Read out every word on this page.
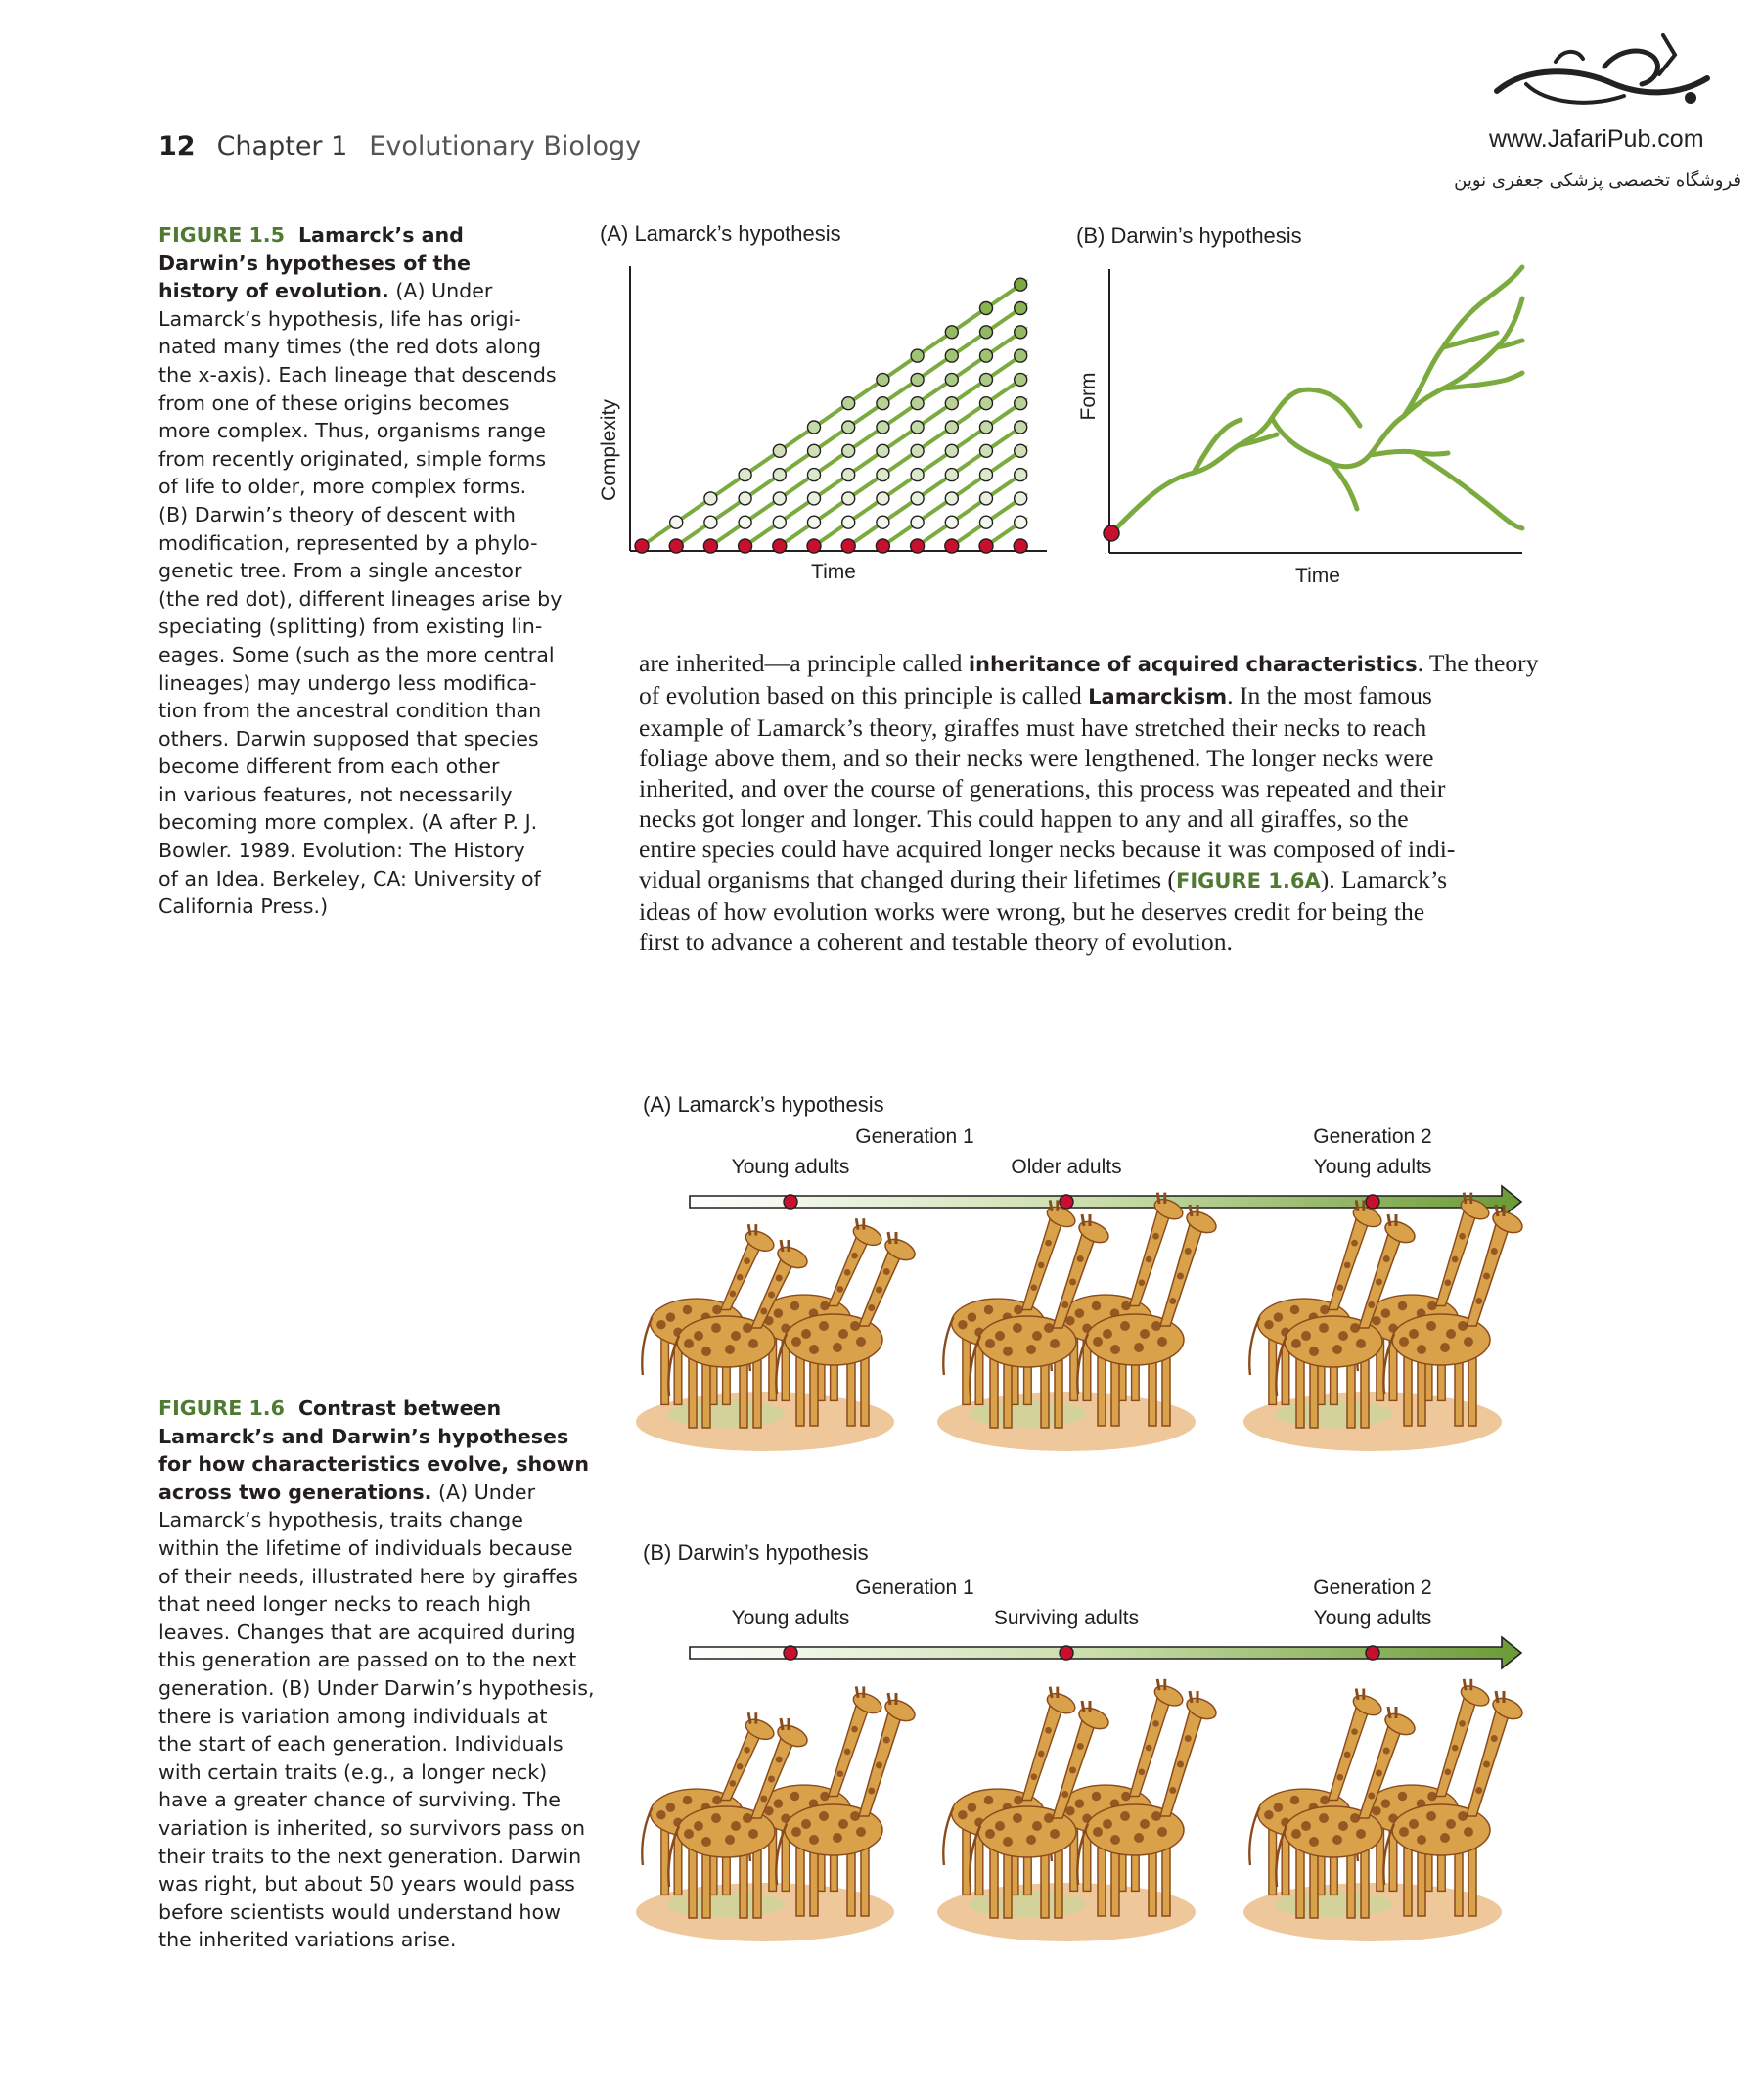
12 Chapter 1 Evolutionary Biology	www.JafariPub.com
فروشگاه تخصصی پزشکی جعفری نوین
FIGURE 1.5 Lamarck’s and
Darwin’s hypotheses of the
history of evolution. (A) Under
Lamarck’s hypothesis, life has origi-
nated many times (the red dots along
the x-axis). Each lineage that descends
from one of these origins becomes
more complex. Thus, organisms range
from recently originated, simple forms
of life to older, more complex forms.
(B) Darwin’s theory of descent with
modification, represented by a phylo-
genetic tree. From a single ancestor
(the red dot), different lineages arise by
speciating (splitting) from existing lin-
eages. Some (such as the more central
lineages) may undergo less modifica-
tion from the ancestral condition than
others. Darwin supposed that species
become different from each other
in various features, not necessarily
becoming more complex. (A after P. J.
Bowler. 1989. Evolution: The History
of an Idea. Berkeley, CA: University of
California Press.)
(A) Lamarck’s hypothesis
Complexity
Time
(B) Darwin’s hypothesis
Form
Time
are inherited—a principle called inheritance of acquired characteristics. The theory
of evolution based on this principle is called Lamarckism. In the most famous
example of Lamarck’s theory, giraffes must have stretched their necks to reach
foliage above them, and so their necks were lengthened. The longer necks were
inherited, and over the course of generations, this process was repeated and their
necks got longer and longer. This could happen to any and all giraffes, so the
entire species could have acquired longer necks because it was composed of indi-
vidual organisms that changed during their lifetimes (FIGURE 1.6A). Lamarck’s
ideas of how evolution works were wrong, but he deserves credit for being the
first to advance a coherent and testable theory of evolution.
FIGURE 1.6 Contrast between
Lamarck’s and Darwin’s hypotheses
for how characteristics evolve, shown
across two generations. (A) Under
Lamarck’s hypothesis, traits change
within the lifetime of individuals because
of their needs, illustrated here by giraffes
that need longer necks to reach high
leaves. Changes that are acquired during
this generation are passed on to the next
generation. (B) Under Darwin’s hypothesis,
there is variation among individuals at
the start of each generation. Individuals
with certain traits (e.g., a longer neck)
have a greater chance of surviving. The
variation is inherited, so survivors pass on
their traits to the next generation. Darwin
was right, but about 50 years would pass
before scientists would understand how
the inherited variations arise.
(A) Lamarck’s hypothesis
Generation 1	Generation 2
Young adults	Older adults	Young adults
(B) Darwin’s hypothesis
Generation 1	Generation 2
Young adults	Surviving adults	Young adults
